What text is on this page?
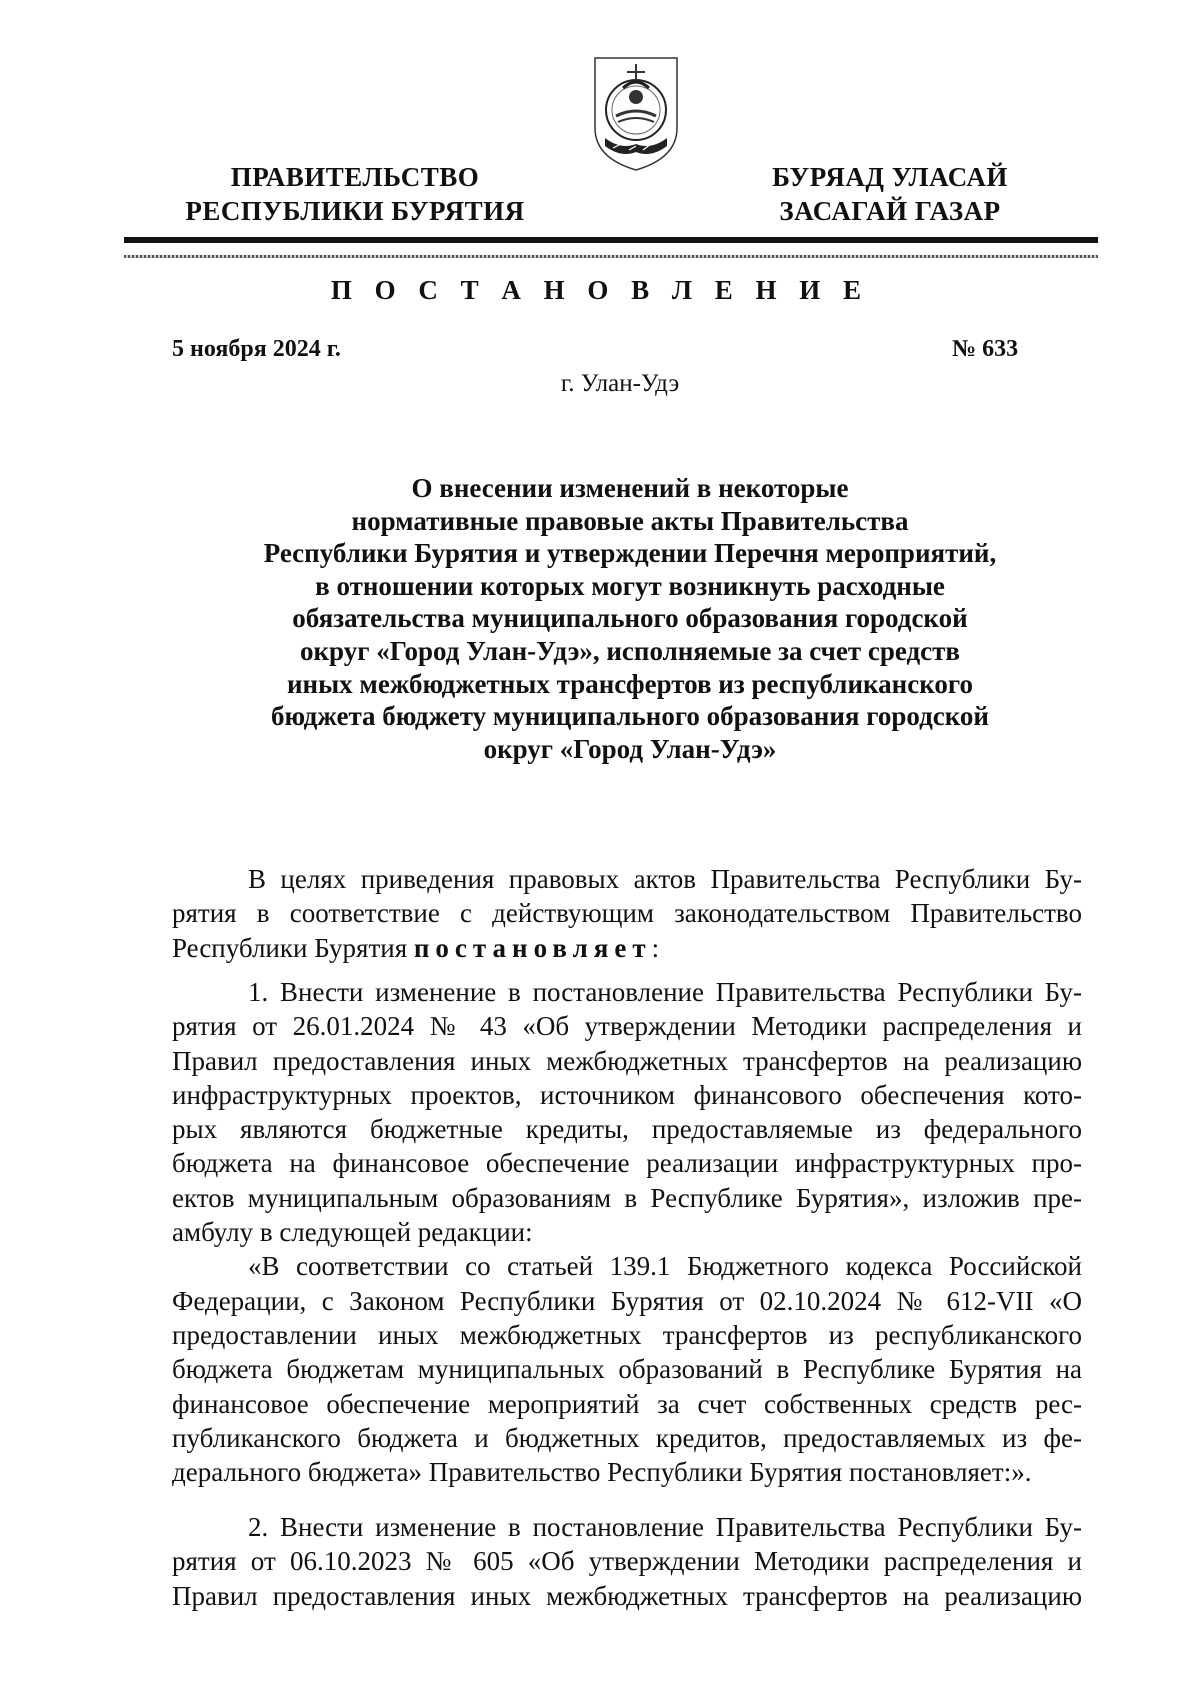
ПРАВИТЕЛЬСТВО
РЕСПУБЛИКИ БУРЯТИЯ
БУРЯАД УЛАСАЙ
ЗАСАГАЙ ГАЗАР
П О С Т А Н О В Л Е Н И Е
5 ноября 2024 г.	№ 633
г. Улан-Удэ
О внесении изменений в некоторые
нормативные правовые акты Правительства
Республики Бурятия и утверждении Перечня мероприятий,
в отношении которых могут возникнуть расходные
обязательства муниципального образования городской
округ «Город Улан-Удэ», исполняемые за счет средств
иных межбюджетных трансфертов из республиканского
бюджета бюджету муниципального образования городской
округ «Город Улан-Удэ»
В целях приведения правовых актов Правительства Республики Бу-
рятия в соответствие с действующим законодательством Правительство
Республики Бурятия постановляет:
1. Внести изменение в постановление Правительства Республики Бу-
рятия от 26.01.2024 № 43 «Об утверждении Методики распределения и
Правил предоставления иных межбюджетных трансфертов на реализацию
инфраструктурных проектов, источником финансового обеспечения кото-
рых являются бюджетные кредиты, предоставляемые из федерального
бюджета на финансовое обеспечение реализации инфраструктурных про-
ектов муниципальным образованиям в Республике Бурятия», изложив пре-
амбулу в следующей редакции:
«В соответствии со статьей 139.1 Бюджетного кодекса Российской
Федерации, с Законом Республики Бурятия от 02.10.2024 № 612-VII «О
предоставлении иных межбюджетных трансфертов из республиканского
бюджета бюджетам муниципальных образований в Республике Бурятия на
финансовое обеспечение мероприятий за счет собственных средств рес-
публиканского бюджета и бюджетных кредитов, предоставляемых из фе-
дерального бюджета» Правительство Республики Бурятия постановляет:».
2. Внести изменение в постановление Правительства Республики Бу-
рятия от 06.10.2023 № 605 «Об утверждении Методики распределения и
Правил предоставления иных межбюджетных трансфертов на реализацию
